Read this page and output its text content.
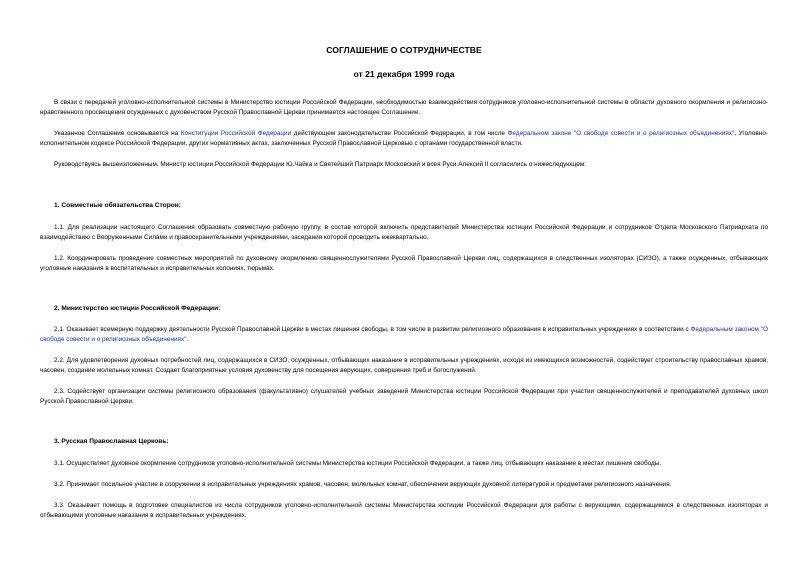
СОГЛАШЕНИЕ О СОТРУДНИЧЕСТВЕ
от 21 декабря 1999 года
В связи с передачей уголовно-исполнительной системы в Министерство юстиции Российской Федерации, необходимостью взаимодействия сотрудников уголовно-исполнительной системы в области духовного окормления и религиозно-нравственного просвещения осужденных с духовенством Русской Православной Церкви принимается настоящее Соглашение.
Указанное Соглашение основывается на Конституции Российской Федерации действующем законодательстве Российской Федерации, в том числе Федеральном законе "О свободе совести и о религиозных объединениях", Уголовно-исполнительном кодексе Российской Федерации, других нормативных актах, заключенных Русской Православной Церковью с органами государственной власти.
Руководствуясь вышеизложенным, Министр юстиции Российской Федерации Ю.Чайка и Святейший Патриарх Московский и всея Руси Алексий II согласились о нижеследующем:
1. Совместные обязательства Сторон:
1.1. Для реализации настоящего Соглашения образовать совместную рабочую группу, в состав которой включить представителей Министерства юстиции Российской Федерации и сотрудников Отдела Московского Патриархата по взаимодействию с Вооруженными Силами и правоохранительными учреждениями, заседания которой проводить ежеквартально.
1.2. Координировать проведение совместных мероприятий по духовному окормлению священнослужителями Русской Православной Церкви лиц, содержащихся в следственных изоляторах (СИЗО), а также осужденных, отбывающих уголовные наказания в воспитательных и исправительных колониях, тюрьмах.
2. Министерство юстиции Российской Федерации:
2.1. Оказывает всемерную поддержку деятельности Русской Православной Церкви в местах лишения свободы, в том числе в развитии религиозного образования в исправительных учреждениях в соответствии с Федеральным законом "О свободе совести и о религиозных объединениях".
2.2. Для удовлетворения духовных потребностей лиц, содержащихся в СИЗО, осужденных, отбывающих наказание в исправительных учреждениях, исходя из имеющихся возможностей, содействует строительству православных храмов, часовен, создание молельных комнат. Создает благоприятные условия духовенству для посещения верующих, совершения треб и богослужений.
2.3. Содействует организации системы религиозного образования (факультативно) слушателей учебных заведений Министерства юстиции Российской Федерации при участии священнослужителей и преподавателей духовных школ Русской Православной Церкви.
3. Русская Православная Церковь:
3.1. Осуществляет духовное окормление сотрудников уголовно-исполнительной системы Министерства юстиции Российской Федерации, а также лиц, отбывающих наказание в местах лишения свободы.
3.2. Принимает посильное участие в сооружении в исправительных учреждениях храмов, часовен, молельных комнат, обеспечении верующих духовной литературой и предметами религиозного назначения.
3.3. Оказывает помощь в подготовке специалистов из числа сотрудников уголовно-исполнительной системы Министерства юстиции Российской Федерации для работы с верующими, содержащимися в следственных изоляторах и отбывающими уголовные наказания в исправительных учреждениях.
